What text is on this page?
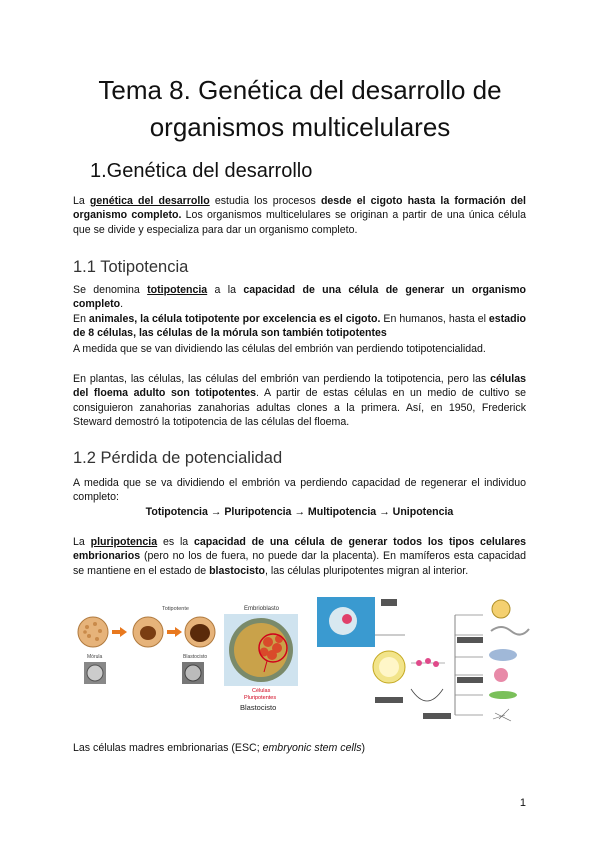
Tema 8. Genética del desarrollo de
organismos multicelulares
1.Genética del desarrollo

La genética del desarrollo estudia los procesos desde el cigoto hasta la formación del organismo completo. Los organismos multicelulares se originan a partir de una única célula que se divide y especializa para dar un organismo completo.

1.1 Totipotencia

Se denomina totipotencia a la capacidad de una célula de generar un organismo completo.

En animales, la célula totipotente por excelencia es el cigoto. En humanos, hasta el estadio de 8 células, las células de la mórula son también totipotentes

A medida que se van dividiendo las células del embrión van perdiendo totipotencialidad.

En plantas, las células, las células del embrión van perdiendo la totipotencia, pero las células del floema adulto son totipotentes. A partir de estas células en un medio de cultivo se consiguieron zanahorias zanahorias adultas clones a la primera. Así, en 1950, Frederick Steward demostró la totipotencia de las células del floema.

1.2 Pérdida de potencialidad

A medida que se va dividiendo el embrión va perdiendo capacidad de regenerar el individuo completo:

Totipotencia → Pluripotencia → Multipotencia → Unipotencia

La pluripotencia es la capacidad de una célula de generar todos los tipos celulares embrionarios (pero no los de fuera, no puede dar la placenta). En mamíferos esta capacidad se mantiene en el estado de blastocisto, las células pluripotentes migran al interior.

Totipotente
Mórula	Blastocisto
Embrioblasto
Células
Pluripotentes
Blastocisto

Las células madres embrionarias (ESC; embryonic stem cells)

1
